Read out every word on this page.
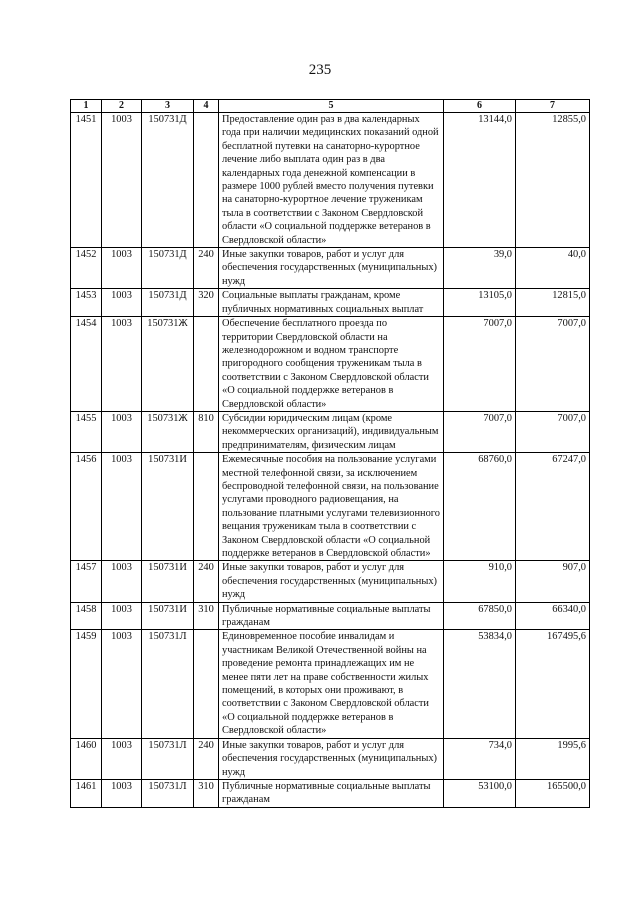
235
1	2	3	4	5	6	7
1451	1003	150731Д		Предоставление один раз в два календарных года при наличии медицинских показаний одной бесплатной путевки на санаторно-курортное лечение либо выплата один раз в два календарных года денежной компенсации в размере 1000 рублей вместо получения путевки на санаторно-курортное лечение труженикам тыла в соответствии с Законом Свердловской области «О социальной поддержке ветеранов в Свердловской области»	13144,0	12855,0
1452	1003	150731Д	240	Иные закупки товаров, работ и услуг для обеспечения государственных (муниципальных) нужд	39,0	40,0
1453	1003	150731Д	320	Социальные выплаты гражданам, кроме публичных нормативных социальных выплат	13105,0	12815,0
1454	1003	150731Ж		Обеспечение бесплатного проезда по территории Свердловской области на железнодорожном и водном транспорте пригородного сообщения труженикам тыла в соответствии с Законом Свердловской области «О социальной поддержке ветеранов в Свердловской области»	7007,0	7007,0
1455	1003	150731Ж	810	Субсидии юридическим лицам (кроме некоммерческих организаций), индивидуальным предпринимателям, физическим лицам	7007,0	7007,0
1456	1003	150731И		Ежемесячные пособия на пользование услугами местной телефонной связи, за исключением беспроводной телефонной связи, на пользование услугами проводного радиовещания, на пользование платными услугами телевизионного вещания труженикам тыла в соответствии с Законом Свердловской области «О социальной поддержке ветеранов в Свердловской области»	68760,0	67247,0
1457	1003	150731И	240	Иные закупки товаров, работ и услуг для обеспечения государственных (муниципальных) нужд	910,0	907,0
1458	1003	150731И	310	Публичные нормативные социальные выплаты гражданам	67850,0	66340,0
1459	1003	150731Л		Единовременное пособие инвалидам и участникам Великой Отечественной войны на проведение ремонта принадлежащих им не менее пяти лет на праве собственности жилых помещений, в которых они проживают, в соответствии с Законом Свердловской области «О социальной поддержке ветеранов в Свердловской области»	53834,0	167495,6
1460	1003	150731Л	240	Иные закупки товаров, работ и услуг для обеспечения государственных (муниципальных) нужд	734,0	1995,6
1461	1003	150731Л	310	Публичные нормативные социальные выплаты гражданам	53100,0	165500,0
